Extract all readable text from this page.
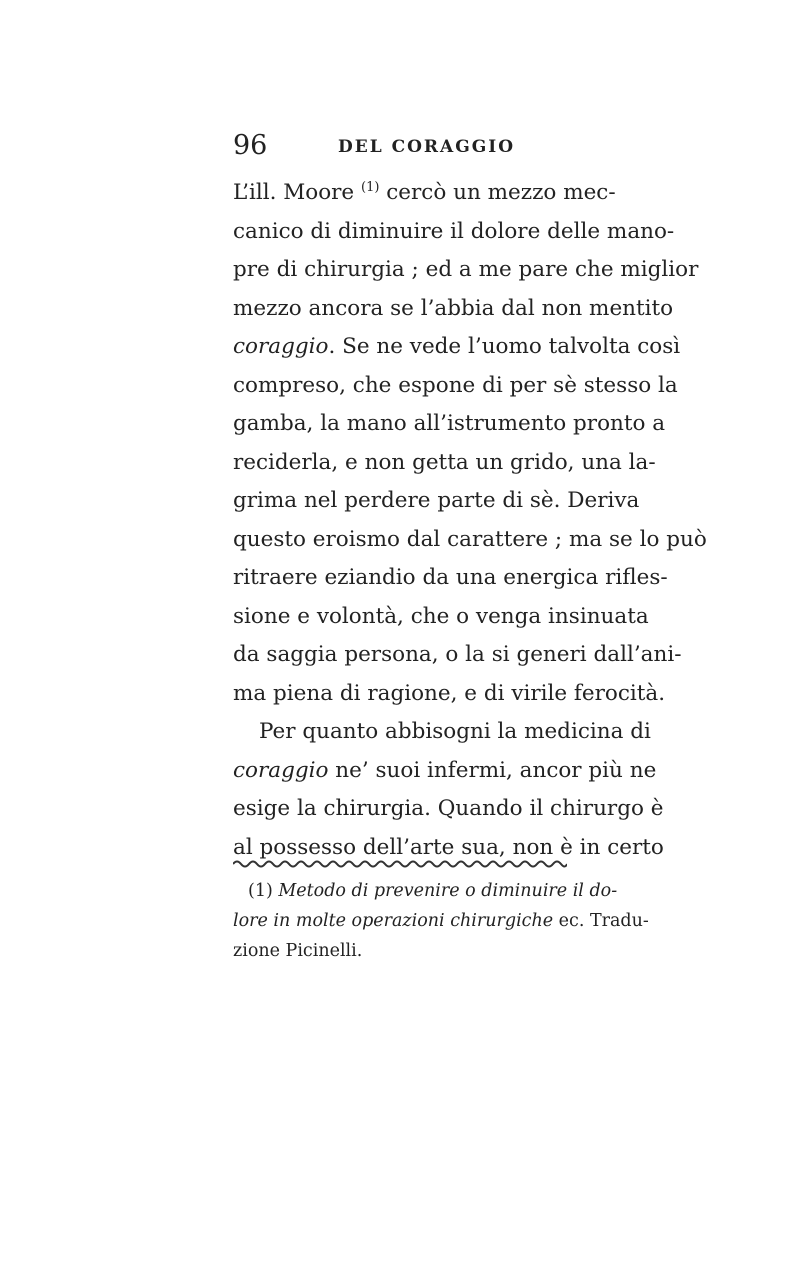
96	DEL CORAGGIO
L’ill. Moore $^{(1)}$ cercò un mezzo mec-
canico di diminuire il dolore delle mano-
pre di chirurgia ; ed a me pare che miglior
mezzo ancora se l’abbia dal non mentito
coraggio. Se ne vede l’uomo talvolta così
compreso, che espone di per sè stesso la
gamba, la mano all’istrumento pronto a
reciderla, e non getta un grido, una la-
grima nel perdere parte di sè. Deriva
questo eroismo dal carattere ; ma se lo può
ritraere eziandio da una energica rifles-
sione e volontà, che o venga insinuata
da saggia persona, o la si generi dall’ani-
ma piena di ragione, e di virile ferocità.
Per quanto abbisogni la medicina di
coraggio ne’ suoi infermi, ancor più ne
esige la chirurgia. Quando il chirurgo è
al possesso dell’arte sua, non è in certo
(1) Metodo di prevenire o diminuire il do-
lore in molte operazioni chirurgiche ec. Tradu-
zione Picinelli.
